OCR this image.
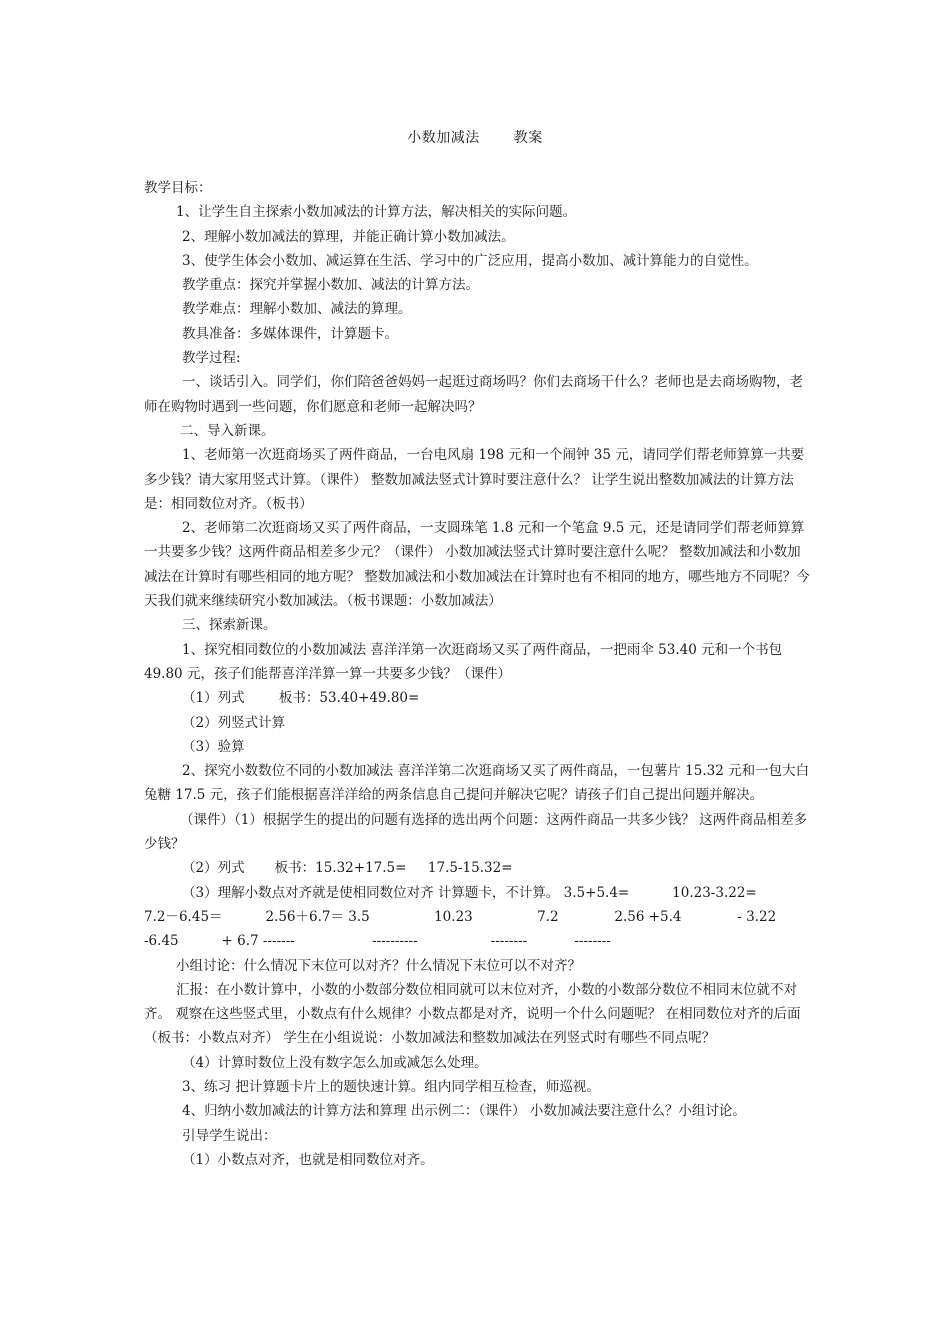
小数加减法 教案

教学目标：

1、让学生自主探索小数加减法的计算方法，解决相关的实际问题。

2、理解小数加减法的算理，并能正确计算小数加减法。

3、使学生体会小数加、减运算在生活、学习中的广泛应用，提高小数加、减计算能力的自觉性。

教学重点：探究并掌握小数加、减法的计算方法。

教学难点：理解小数加、减法的算理。

教具准备：多媒体课件，计算题卡。

教学过程:

一、谈话引入。同学们，你们陪爸爸妈妈一起逛过商场吗？你们去商场干什么？老师也是去商场购物，老师在购物时遇到一些问题，你们愿意和老师一起解决吗？

二、导入新课。

1、老师第一次逛商场买了两件商品，一台电风扇 198 元和一个闹钟 35 元，请同学们帮老师算算一共要多少钱？请大家用竖式计算。（课件） 整数加减法竖式计算时要注意什么？ 让学生说出整数加减法的计算方法是：相同数位对齐。（板书）

2、老师第二次逛商场又买了两件商品，一支圆珠笔 1.8 元和一个笔盒 9.5 元，还是请同学们帮老师算算一共要多少钱？这两件商品相差多少元？（课件） 小数加减法竖式计算时要注意什么呢？ 整数加减法和小数加减法在计算时有哪些相同的地方呢？ 整数加减法和小数加减法在计算时也有不相同的地方，哪些地方不同呢？今天我们就来继续研究小数加减法。（板书课题：小数加减法）

三、探索新课。

1、探究相同数位的小数加减法 喜洋洋第一次逛商场又买了两件商品，一把雨伞 53.40 元和一个书包 49.80 元，孩子们能帮喜洋洋算一算一共要多少钱？（课件）

（1）列式        板书：53.40+49.80=

（2）列竖式计算

（3）验算

2、探究小数数位不同的小数加减法 喜洋洋第二次逛商场又买了两件商品，一包薯片 15.32 元和一包大白兔糖 17.5 元，孩子们能根据喜洋洋给的两条信息自己提问并解决它呢？请孩子们自己提出问题并解决。

（课件）（1）根据学生的提出的问题有选择的选出两个问题：这两件商品一共多少钱？ 这两件商品相差多少钱？

（2）列式       板书：15.32+17.5=     17.5-15.32=

（3）理解小数点对齐就是使相同数位对齐 计算题卡，不计算。 3.5+5.4=          10.23-3.22=

7.2－6.45＝          2.56＋6.7＝ 3.5               10.23               7.2             2.56 +5.4             - 3.22

-6.45          + 6.7 -------                  ----------                 --------           --------

小组讨论：什么情况下末位可以对齐？什么情况下末位可以不对齐？

汇报：在小数计算中，小数的小数部分数位相同就可以末位对齐，小数的小数部分数位不相同末位就不对齐。 观察在这些竖式里，小数点有什么规律？小数点都是对齐，说明一个什么问题呢？ 在相同数位对齐的后面（板书：小数点对齐） 学生在小组说说：小数加减法和整数加减法在列竖式时有哪些不同点呢？

（4）计算时数位上没有数字怎么加或减怎么处理。

3、练习 把计算题卡片上的题快速计算。组内同学相互检查，师巡视。

4、归纳小数加减法的计算方法和算理 出示例二：（课件） 小数加减法要注意什么？小组讨论。

引导学生说出：

（1）小数点对齐，也就是相同数位对齐。
